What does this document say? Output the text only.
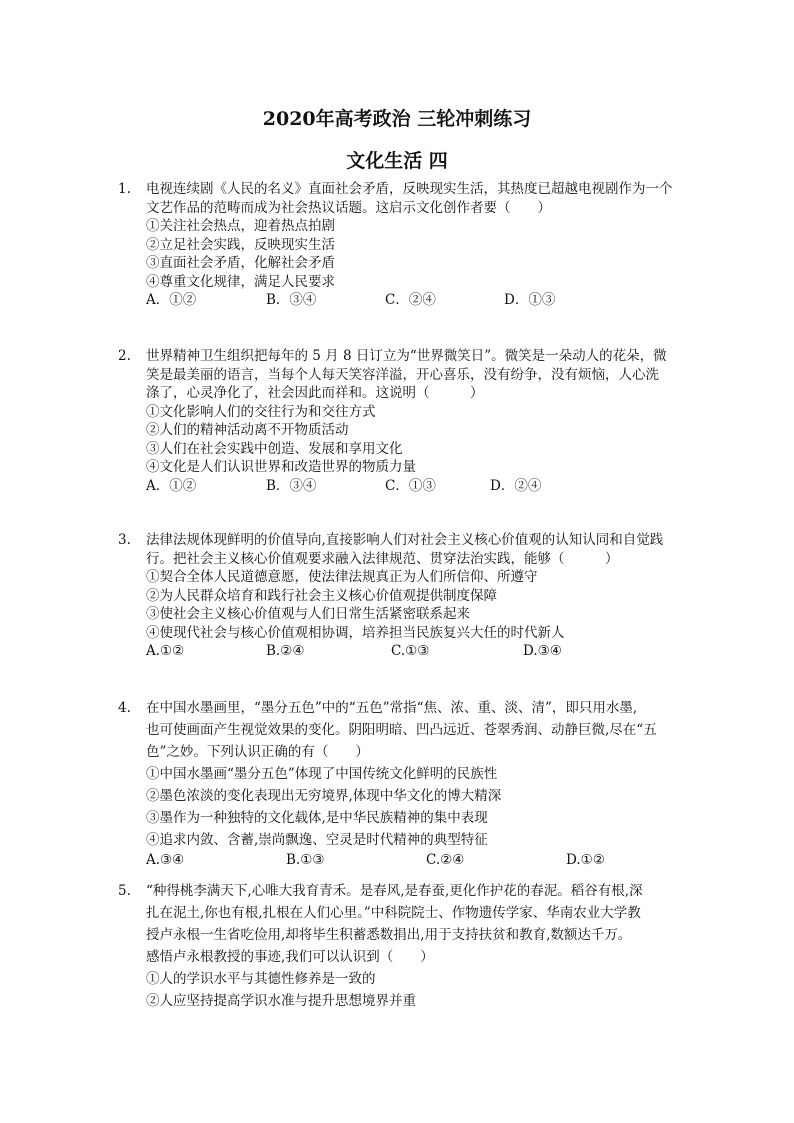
2020年高考政治 三轮冲刺练习
文化生活 四
1. 电视连续剧《人民的名义》直面社会矛盾，反映现实生活，其热度已超越电视剧作为一个
文艺作品的范畴而成为社会热议话题。这启示文化创作者要（　　）
①关注社会热点，迎着热点拍剧
②立足社会实践，反映现实生活
③直面社会矛盾，化解社会矛盾
④尊重文化规律，满足人民要求
A．①②	B．③④	C．②④	D．①③
2. 世界精神卫生组织把每年的 5 月 8 日订立为“世界微笑日”。微笑是一朵动人的花朵，微
笑是最美丽的语言，当每个人每天笑容洋溢，开心喜乐，没有纷争，没有烦恼，人心洗
涤了，心灵净化了，社会因此而祥和。这说明（　　　）
①文化影响人们的交往行为和交往方式
②人们的精神活动离不开物质活动
③人们在社会实践中创造、发展和享用文化
④文化是人们认识世界和改造世界的物质力量
A．①②	B．③④	C．①③	D．②④
3. 法律法规体现鲜明的价值导向,直接影响人们对社会主义核心价值观的认知认同和自觉践
行。把社会主义核心价值观要求融入法律规范、贯穿法治实践，能够（　　　）
①契合全体人民道德意愿，使法律法规真正为人们所信仰、所遵守
②为人民群众培育和践行社会主义核心价值观提供制度保障
③使社会主义核心价值观与人们日常生活紧密联系起来
④使现代社会与核心价值观相协调，培养担当民族复兴大任的时代新人
A.①②	B.②④	C.①③	D.③④
4. 在中国水墨画里，“墨分五色”中的“五色”常指“焦、浓、重、淡、清”，即只用水墨,
也可使画面产生视觉效果的变化。阴阳明暗、凹凸远近、苍翠秀润、动静巨微,尽在“五
色”之妙。下列认识正确的有（　　）
①中国水墨画“墨分五色”体现了中国传统文化鲜明的民族性
②墨色浓淡的变化表现出无穷境界,体现中华文化的博大精深
③墨作为一种独特的文化载体,是中华民族精神的集中表现
④追求内敛、含蓄,崇尚飘逸、空灵是时代精神的典型特征
A.③④	B.①③	C.②④	D.①②
5. “种得桃李满天下,心唯大我育青禾。是春风,是春蚕,更化作护花的春泥。稻谷有根,深
扎在泥土,你也有根,扎根在人们心里。”中科院院士、作物遗传学家、华南农业大学教
授卢永根一生省吃俭用,却将毕生积蓄悉数捐出,用于支持扶贫和教育,数额达千万。
感悟卢永根教授的事迹,我们可以认识到（　　）
①人的学识水平与其德性修养是一致的
②人应坚持提高学识水准与提升思想境界并重
